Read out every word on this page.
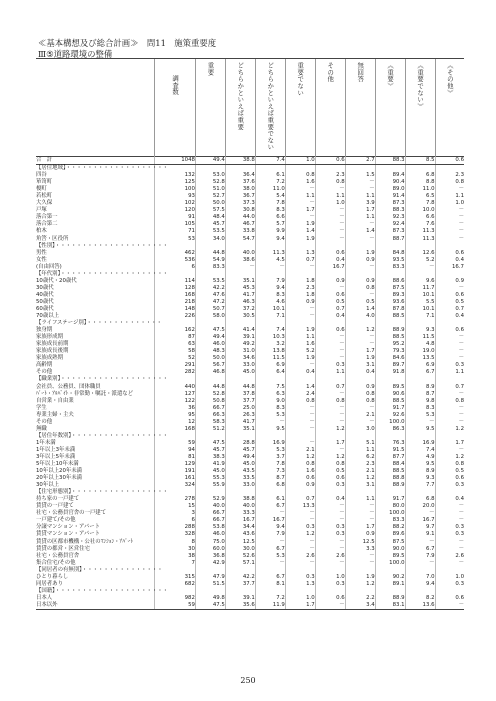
≪基本構想及び総合計画≫　問11　施策重要度
Ⅲ⑤道路環境の整備

	調査数	重要	どちらかといえば重要	どちらかといえば重要でない	重要でない	その他	無回答	《重要》	《重要でない》	《その他》

合　計	1048	49.4	38.8	7.4	1.0	0.6	2.7	88.3	8.5	0.6
【居住地域】・・・・・・・・・・・・・・・・・・・										
四谷	132	53.0	36.4	6.1	0.8	2.3	1.5	89.4	6.8	2.3
箪笥町	125	52.8	37.6	7.2	1.6	0.8	－	90.4	8.8	0.8
榎町	100	51.0	38.0	11.0	－	－	－	89.0	11.0	－
若松町	93	52.7	36.7	5.4	1.1	1.1	1.1	91.4	6.5	1.1
大久保	102	50.0	37.3	7.8	－	1.0	3.9	87.3	7.8	1.0
戸塚	120	57.5	30.8	8.3	1.7	－	1.7	88.3	10.0	－
落合第一	91	48.4	44.0	6.6	－	－	1.1	92.3	6.6	－
落合第二	105	45.7	46.7	5.7	1.9	－	－	92.4	7.6	－
柏木	71	53.5	33.8	9.9	1.4	－	1.4	87.3	11.3	－
角筈・区役所	53	34.0	54.7	9.4	1.9	－	－	88.7	11.3	－
【性別】・・・・・・・・・・・・・・・・・・・・・										
男性	462	44.8	40.0	11.3	1.3	0.6	1.9	84.8	12.6	0.6
女性	536	54.9	38.6	4.5	0.7	0.4	0.9	93.5	5.2	0.4
(自由回答)	6	83.3	－	－	－	16.7	－	83.3	－	16.7
【年代別】・・・・・・・・・・・・・・・・・・・・										
10歳代・20歳代	114	53.5	35.1	7.9	1.8	0.9	0.9	88.6	9.6	0.9
30歳代	128	42.2	45.3	9.4	2.3	－	0.8	87.5	11.7	－
40歳代	168	47.6	41.7	8.3	1.8	0.6	－	89.3	10.1	0.6
50歳代	218	47.2	46.3	4.6	0.9	0.5	0.5	93.6	5.5	0.5
60歳代	148	50.7	37.2	10.1	－	0.7	1.4	87.8	10.1	0.7
70歳以上	226	58.0	30.5	7.1	－	0.4	4.0	88.5	7.1	0.4
【ライフステージ別】・・・・・・・・・・・・・・										
独身期	162	47.5	41.4	7.4	1.9	0.6	1.2	88.9	9.3	0.6
家族形成期	87	49.4	39.1	10.3	1.1	－	－	88.5	11.5	－
家族成長前期	63	46.0	49.2	3.2	1.6	－	－	95.2	4.8	－
家族成長後期	58	48.3	31.0	13.8	5.2	－	1.7	79.3	19.0	－
家族成熟期	52	50.0	34.6	11.5	1.9	－	1.9	84.6	13.5	－
高齢期	291	56.7	33.0	6.9	－	0.3	3.1	89.7	6.9	0.3
その他	282	46.8	45.0	6.4	0.4	1.1	0.4	91.8	6.7	1.1
【職業別】・・・・・・・・・・・・・・・・・・・・										
会社員、公務員、団体職員	440	44.8	44.8	7.5	1.4	0.7	0.9	89.5	8.9	0.7
ﾊﾟｰﾄ・ｱﾙﾊﾞｲﾄ・非常勤・嘱託・派遣など	127	52.8	37.8	6.3	2.4	－	0.8	90.6	8.7	－
自営業・自由業	122	50.8	37.7	9.0	0.8	0.8	0.8	88.5	9.8	0.8
学生	36	66.7	25.0	8.3	－	－	－	91.7	8.3	－
専業主婦・主夫	95	66.3	26.3	5.3	－	－	2.1	92.6	5.3	－
その他	12	58.3	41.7	－	－	－	－	100.0	－	－
無職	168	51.2	35.1	9.5	－	1.2	3.0	86.3	9.5	1.2
【居住年数別】・・・・・・・・・・・・・・・・・・										
1年未満	59	47.5	28.8	16.9	－	1.7	5.1	76.3	16.9	1.7
1年以上3年未満	94	45.7	45.7	5.3	2.1	－	1.1	91.5	7.4	－
3年以上5年未満	81	38.3	49.4	3.7	1.2	1.2	6.2	87.7	4.9	1.2
5年以上10年未満	129	41.9	45.0	7.8	0.8	0.8	2.3	88.4	9.5	0.8
10年以上20年未満	191	45.0	43.5	7.3	1.6	0.5	2.1	88.5	8.9	0.5
20年以上30年未満	161	55.3	33.5	8.7	0.6	0.6	1.2	88.8	9.3	0.6
30年以上	324	55.9	33.0	6.8	0.9	0.3	3.1	88.9	7.7	0.3
【住宅形態別】・・・・・・・・・・・・・・・・・・										
持ち家の一戸建て	278	52.9	38.8	6.1	0.7	0.4	1.1	91.7	6.8	0.4
賃貸の一戸建て	15	40.0	40.0	6.7	13.3	－	－	80.0	20.0	－
社宅・公務員官舎の一戸建て	3	66.7	33.3	－	－	－	－	100.0	－	－
一戸建て/その他	6	66.7	16.7	16.7	－	－	－	83.3	16.7	－
分譲マンション・アパート	288	53.8	34.4	9.4	0.3	0.3	1.7	88.2	9.7	0.3
賃貸マンション・アパート	328	46.0	43.6	7.9	1.2	0.3	0.9	89.6	9.1	0.3
賃貸の区都市機構・公社のﾏﾝｼｮﾝ・ｱﾊﾟｰﾄ	8	75.0	12.5	－	－	－	12.5	87.5	－	－
賃貸の都営・区営住宅	30	60.0	30.0	6.7	－	－	3.3	90.0	6.7	－
社宅・公務員官舎	38	36.8	52.6	5.3	2.6	2.6	－	89.5	7.9	2.6
集合住宅/その他	7	42.9	57.1	－	－	－	－	100.0	－	－
【同居者の有無別】・・・・・・・・・・・・・・・										
ひとり暮らし	315	47.9	42.2	6.7	0.3	1.0	1.9	90.2	7.0	1.0
同居者あり	682	51.5	37.7	8.1	1.3	0.3	1.2	89.1	9.4	0.3
【国籍】・・・・・・・・・・・・・・・・・・・・・										
日本人	982	49.8	39.1	7.2	1.0	0.6	2.2	88.9	8.2	0.6
日本以外	59	47.5	35.6	11.9	1.7	－	3.4	83.1	13.6	－
250
